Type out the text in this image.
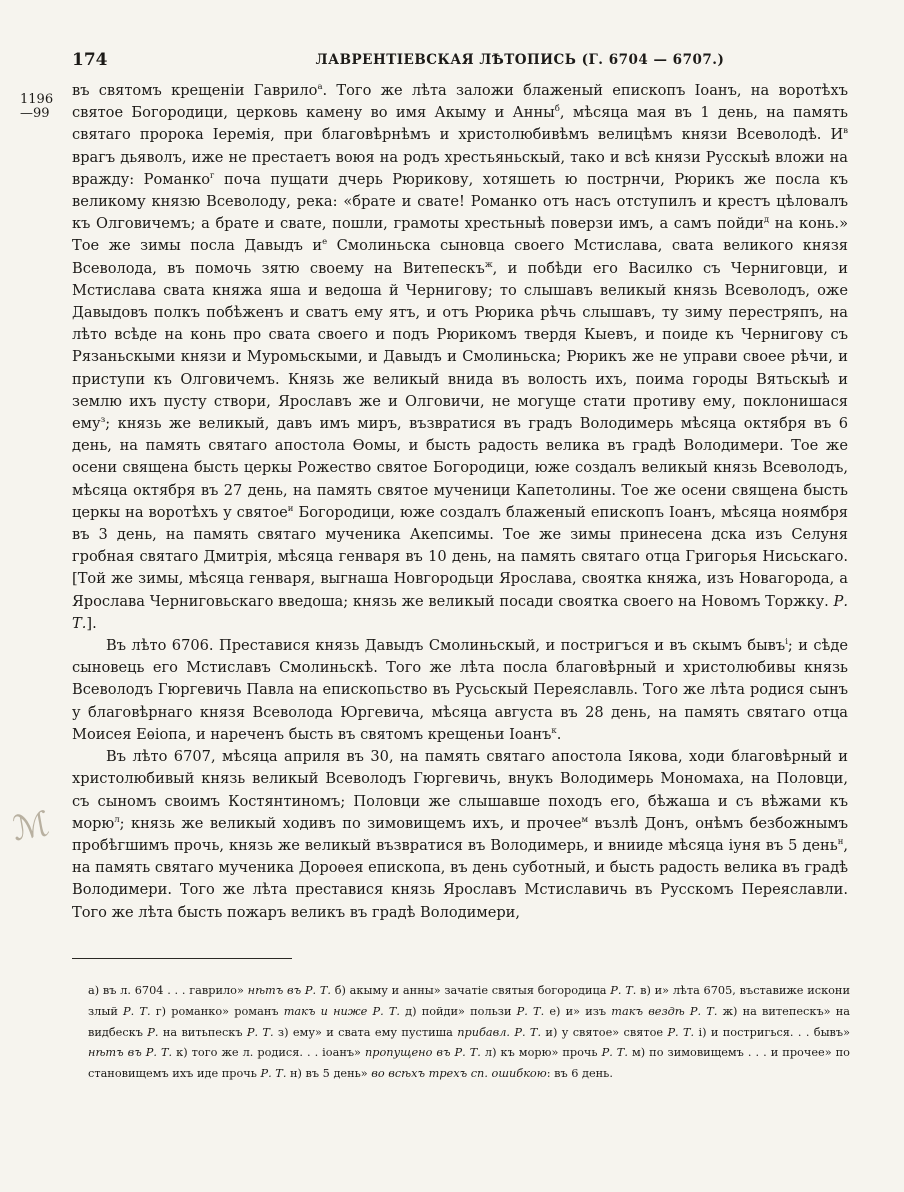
174	ЛАВРЕНТІЕВСКАЯ ЛѢТОПИСЬ (Г. 6704 — 6707.)
1196
—99

въ святомъ крещеніи Гаврило$^а$. Того же лѣта заложи блаженый епископъ Іоанъ, на воротѣхъ святое Богородици, церковь камену во имя Акыму и Анны$^б$, мѣсяца мая въ 1 день, на память святаго пророка Іеремія, при благовѣрнѣмъ и христолюбивѣмъ велицѣмъ князи Всеволодѣ. $И^в$ врагъ дьяволъ, иже не престаетъ воюя на родъ хрестьяньскый, тако и всѣ князи Русскыѣ вложи на вражду: Романко$^г$ поча пущати дчерь Рюрикову, хотяшеть ю пострнчи, Рюрикъ же посла къ великому князю Всеволоду, река: «брате и свате! Романко отъ насъ отступилъ и крестъ цѣловалъ къ Олговичемъ; а брате и свате, пошли, грамоты хрестьныѣ поверзи имъ, а самъ пойди$^д$ на конь.» Тое же зимы посла Давыдъ $и^е$ Смолиньска сыновца своего Мстислава, свата великого князя Всеволода, въ помочь зятю своему на Витепескъ$^ж$, и побѣди его Василко съ Черниговци, и Мстислава свата княжа яша и ведоша й Чернигову; то слышавъ великый князь Всеволодъ, оже Давыдовъ полкъ побѣженъ и сватъ ему ятъ, и отъ Рюрика рѣчь слышавъ, ту зиму перестряпъ, на лѣто всѣде на конь про свата своего и подъ Рюрикомъ твердя Кыевъ, и поиде къ Чернигову съ Рязаньскыми князи и Муромьскыми, и Давыдъ и Смолиньска; Рюрикъ же не управи своее рѣчи, и приступи къ Олговичемъ. Князь же великый внида въ волость ихъ, поима городы Вятьскыѣ и землю ихъ пусту створи, Ярославъ же и Олговичи, не могуще стати противу ему, поклонишася ему$^з$; князь же великый, давъ имъ миръ, възвратися въ градъ Володимерь мѣсяца октября въ 6 день, на память святаго апостола Ѳомы, и бысть радость велика въ градѣ Володимери. Тое же осени священа бысть церкы Рожество святое Богородици, юже создалъ великый князь Всеволодъ, мѣсяца октября въ 27 день, на память святое мученици Капетолины. Тое же осени священа бысть церкы на воротѣхъ у святое$^и$ Богородици, юже создалъ блаженый епископъ Іоанъ, мѣсяца ноямбря въ 3 день, на память святаго мученика Акепсимы. Тое же зимы принесена дска изъ Селуня гробная святаго Дмитрія, мѣсяца генваря въ 10 день, на память святаго отца Григорья Нисьскаго. [Той же зимы, мѣсяца генваря, выгнаша Новгородьци Ярослава, своятка княжа, изъ Новагорода, а Ярослава Черниговьскаго введоша; князь же великый посади своятка своего на Новомъ Торжку. Р. Т.].

Въ лѣто 6706. Преставися князь Давыдъ Смолиньскый, и постригъся и въ скымъ бывъ$^і$; и сѣде сыновець его Мстиславъ Смолиньскѣ. Того же лѣта посла благовѣрный и христолюбивы князь Всеволодъ Гюргевичь Павла на епископьство въ Русьскый Переяславль. Того же лѣта родися сынъ у благовѣрнаго князя Всеволода Юргевича, мѣсяца августа въ 28 день, на память святаго отца Моисея Еѳіопа, и нареченъ бысть въ святомъ крещеньи Іоанъ$^к$.

Въ лѣто 6707, мѣсяца априля въ 30, на память святаго апостола Іякова, ходи благовѣрный и христолюбивый князь великый Всеволодъ Гюргевичь, внукъ Володимерь Мономаха, на Половци, съ сыномъ своимъ Костянтиномъ; Половци же слышавше походъ его, бѣжаша и съ вѣжами къ морю$^л$; князь же великый ходивъ по зимовищемъ ихъ, и прочее$^м$ възлѣ Донъ, онѣмъ безбожнымъ пробѣгшимъ прочь, князь же великый възвратися въ Володимерь, и внииде мѣсяца іуня въ 5 день$^н$, на память святаго мученика Дороѳея епископа, въ день суботный, и бысть радость велика въ градѣ Володимери. Того же лѣта преставися князь Ярославъ Мстиславичь въ Русскомъ Переяславли. Того же лѣта бысть пожаръ великъ въ градѣ Володимери,

ℳ
а) въ л. 6704 . . . гаврило» нѣтъ въ Р. Т. б) акыму и анны» зачатіе святыя богородица Р. Т. в) и» лѣта 6705, въставиже искони злый Р. Т. г) романко» романъ такъ и ниже Р. Т. д) пойди» пользи Р. Т. е) и» изъ такъ вездѣ Р. Т. ж) на витепескъ» на видбескъ Р. на витьпескъ Р. Т. з) ему» и свата ему пустиша прибавл. Р. Т. и) у святое» святое Р. Т. і) и постригься. . . бывъ» нѣтъ въ Р. Т. к) того же л. родися. . . іоанъ» пропущено въ Р. Т. л) къ морю» прочь Р. Т. м) по зимовищемъ . . . и прочее» по становищемъ ихъ иде прочь Р. Т. н) въ 5 день» во всѣхъ трехъ сп. ошибкою: въ 6 день.
